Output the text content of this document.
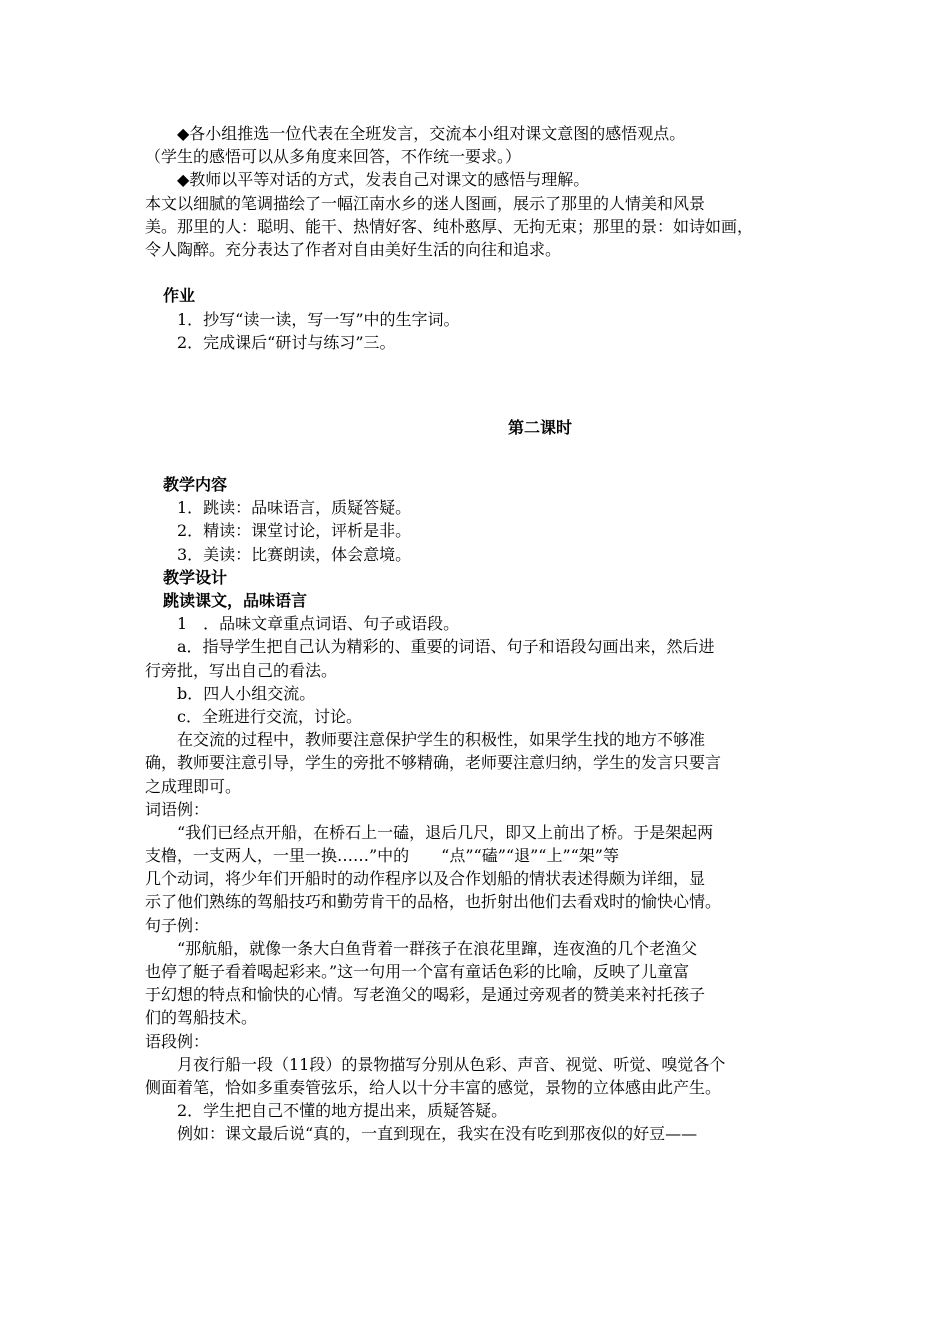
◆各小组推选一位代表在全班发言，交流本小组对课文意图的感悟观点。
（学生的感悟可以从多角度来回答，不作统一要求。）
◆教师以平等对话的方式，发表自己对课文的感悟与理解。
本文以细腻的笔调描绘了一幅江南水乡的迷人图画，展示了那里的人情美和风景
美。那里的人：聪明、能干、热情好客、纯朴憨厚、无拘无束；那里的景：如诗如画，
令人陶醉。充分表达了作者对自由美好生活的向往和追求。
作业
1．抄写“读一读，写一写”中的生字词。
2．完成课后“研讨与练习”三。
第二课时
教学内容
1．跳读：品味语言，质疑答疑。
2．精读：课堂讨论，评析是非。
3．美读：比赛朗读，体会意境。
教学设计
跳读课文，品味语言
1　．品味文章重点词语、句子或语段。
a．指导学生把自己认为精彩的、重要的词语、句子和语段勾画出来，然后进
行旁批，写出自己的看法。
b．四人小组交流。
c．全班进行交流，讨论。
在交流的过程中，教师要注意保护学生的积极性，如果学生找的地方不够准
确，教师要注意引导，学生的旁批不够精确，老师要注意归纳，学生的发言只要言
之成理即可。
词语例：
“我们已经点开船，在桥石上一磕，退后几尺，即又上前出了桥。于是架起两
支橹，一支两人，一里一换……”中的　　“点”“磕”“退”“上”“架”等
几个动词，将少年们开船时的动作程序以及合作划船的情状表述得颇为详细，显
示了他们熟练的驾船技巧和勤劳肯干的品格，也折射出他们去看戏时的愉快心情。
句子例：
“那航船，就像一条大白鱼背着一群孩子在浪花里蹿，连夜渔的几个老渔父
也停了艇子看着喝起彩来。”这一句用一个富有童话色彩的比喻，反映了儿童富
于幻想的特点和愉快的心情。写老渔父的喝彩，是通过旁观者的赞美来衬托孩子
们的驾船技术。
语段例：
月夜行船一段（11段）的景物描写分别从色彩、声音、视觉、听觉、嗅觉各个
侧面着笔，恰如多重奏管弦乐，给人以十分丰富的感觉，景物的立体感由此产生。
2．学生把自己不懂的地方提出来，质疑答疑。
例如：课文最后说“真的，一直到现在，我实在没有吃到那夜似的好豆——
